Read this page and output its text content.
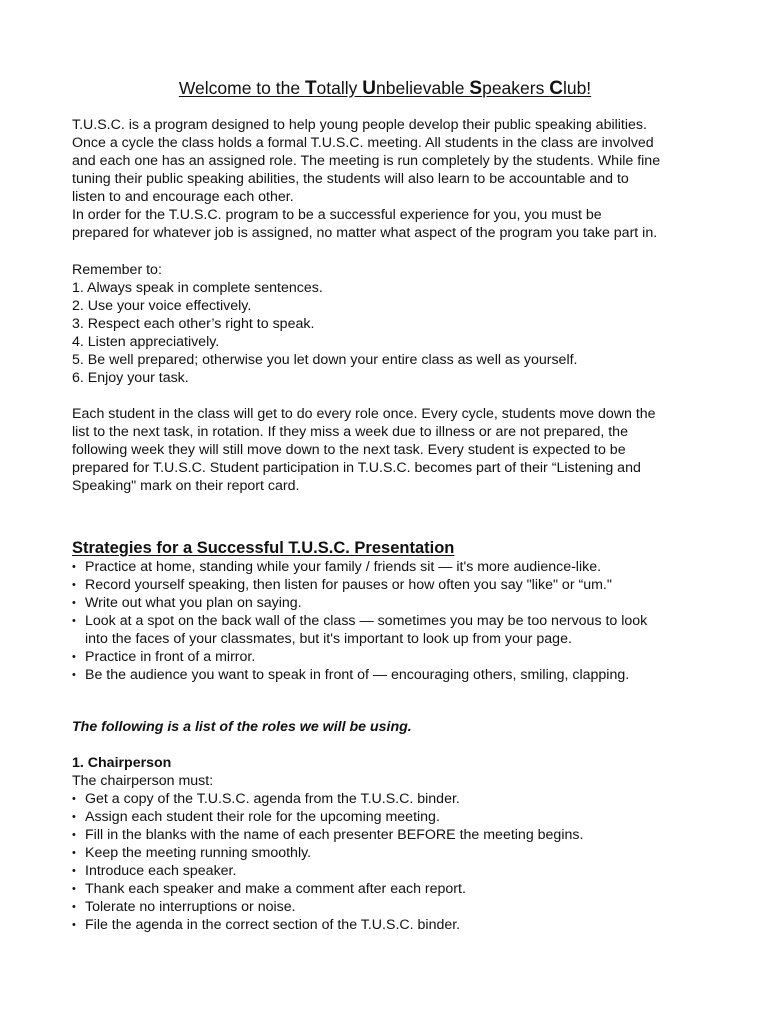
Welcome to the Totally Unbelievable Speakers Club!

T.U.S.C. is a program designed to help young people develop their public speaking abilities.

Once a cycle the class holds a formal T.U.S.C. meeting. All students in the class are involved

and each one has an assigned role. The meeting is run completely by the students. While fine

tuning their public speaking abilities, the students will also learn to be accountable and to

listen to and encourage each other.

In order for the T.U.S.C. program to be a successful experience for you, you must be

prepared for whatever job is assigned, no matter what aspect of the program you take part in.

Remember to:

1. Always speak in complete sentences.
2. Use your voice effectively.
3. Respect each other’s right to speak.
4. Listen appreciatively.
5. Be well prepared; otherwise you let down your entire class as well as yourself.
6. Enjoy your task.

Each student in the class will get to do every role once. Every cycle, students move down the

list to the next task, in rotation. If they miss a week due to illness or are not prepared, the

following week they will still move down to the next task. Every student is expected to be

prepared for T.U.S.C. Student participation in T.U.S.C. becomes part of their “Listening and

Speaking" mark on their report card.

Strategies for a Successful T.U.S.C. Presentation
• Practice at home, standing while your family / friends sit — it's more audience-like.
• Record yourself speaking, then listen for pauses or how often you say "like" or “um."
• Write out what you plan on saying.
• Look at a spot on the back wall of the class — sometimes you may be too nervous to look
into the faces of your classmates, but it's important to look up from your page.
• Practice in front of a mirror.
• Be the audience you want to speak in front of — encouraging others, smiling, clapping.

The following is a list of the roles we will be using.

1. Chairperson

The chairperson must:

• Get a copy of the T.U.S.C. agenda from the T.U.S.C. binder.
• Assign each student their role for the upcoming meeting.
• Fill in the blanks with the name of each presenter BEFORE the meeting begins.
• Keep the meeting running smoothly.
• Introduce each speaker.
• Thank each speaker and make a comment after each report.
• Tolerate no interruptions or noise.
• File the agenda in the correct section of the T.U.S.C. binder.
